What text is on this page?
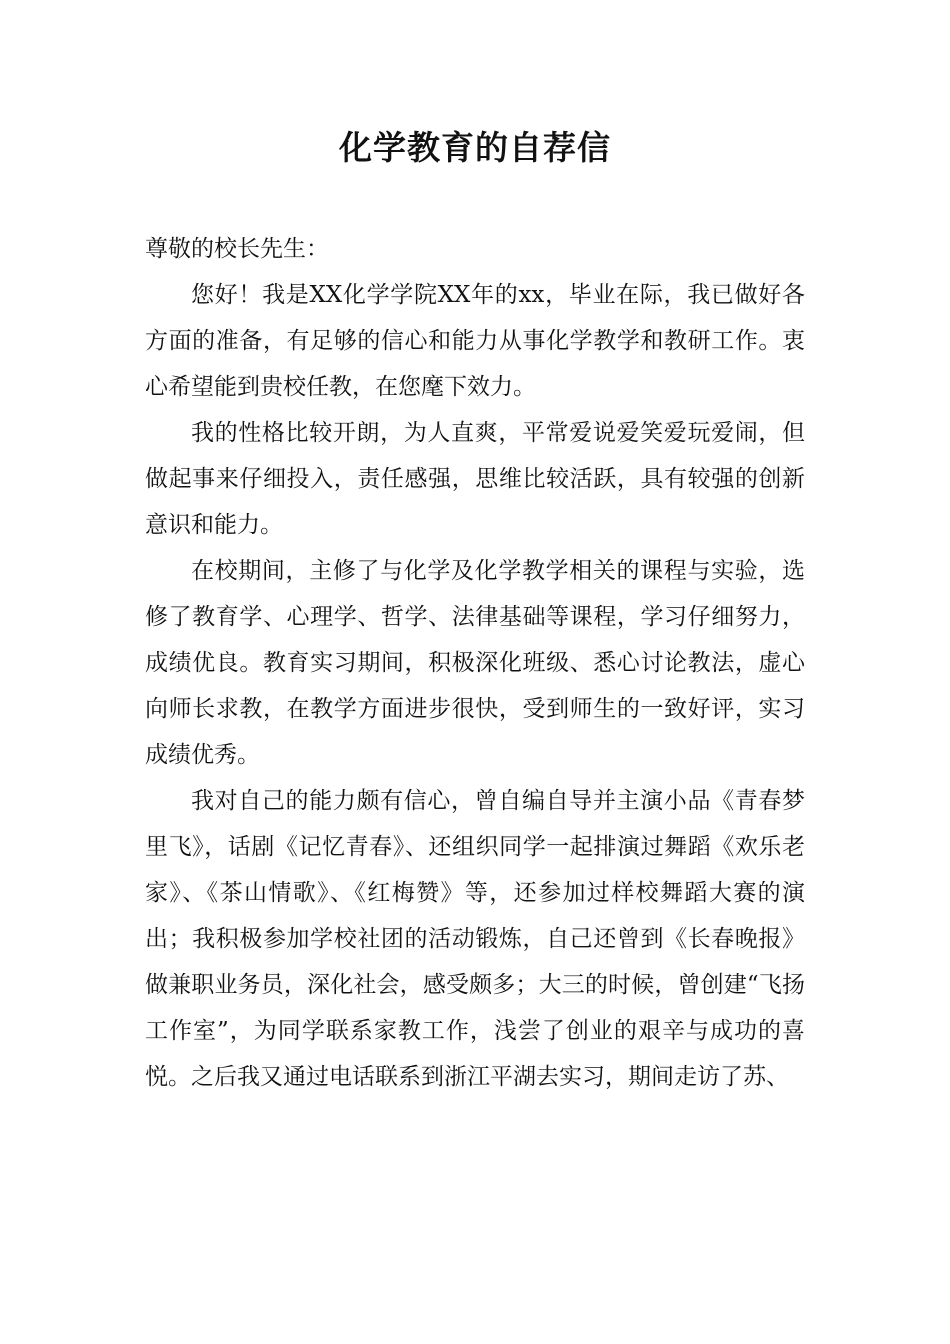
化学教育的自荐信

尊敬的校长先生：

您好！我是XX化学学院XX年的xx，毕业在际，我已做好各方面的准备，有足够的信心和能力从事化学教学和教研工作。衷心希望能到贵校任教，在您麾下效力。

我的性格比较开朗，为人直爽，平常爱说爱笑爱玩爱闹，但做起事来仔细投入，责任感强，思维比较活跃，具有较强的创新意识和能力。

在校期间，主修了与化学及化学教学相关的课程与实验，选修了教育学、心理学、哲学、法律基础等课程，学习仔细努力，成绩优良。教育实习期间，积极深化班级、悉心讨论教法，虚心向师长求教，在教学方面进步很快，受到师生的一致好评，实习成绩优秀。

我对自己的能力颇有信心，曾自编自导并主演小品《青春梦里飞》，话剧《记忆青春》、还组织同学一起排演过舞蹈《欢乐老家》、《茶山情歌》、《红梅赞》等，还参加过样校舞蹈大赛的演出；我积极参加学校社团的活动锻炼，自己还曾到《长春晚报》做兼职业务员，深化社会，感受颇多；大三的时候，曾创建“飞扬工作室”，为同学联系家教工作，浅尝了创业的艰辛与成功的喜悦。之后我又通过电话联系到浙江平湖去实习，期间走访了苏、
